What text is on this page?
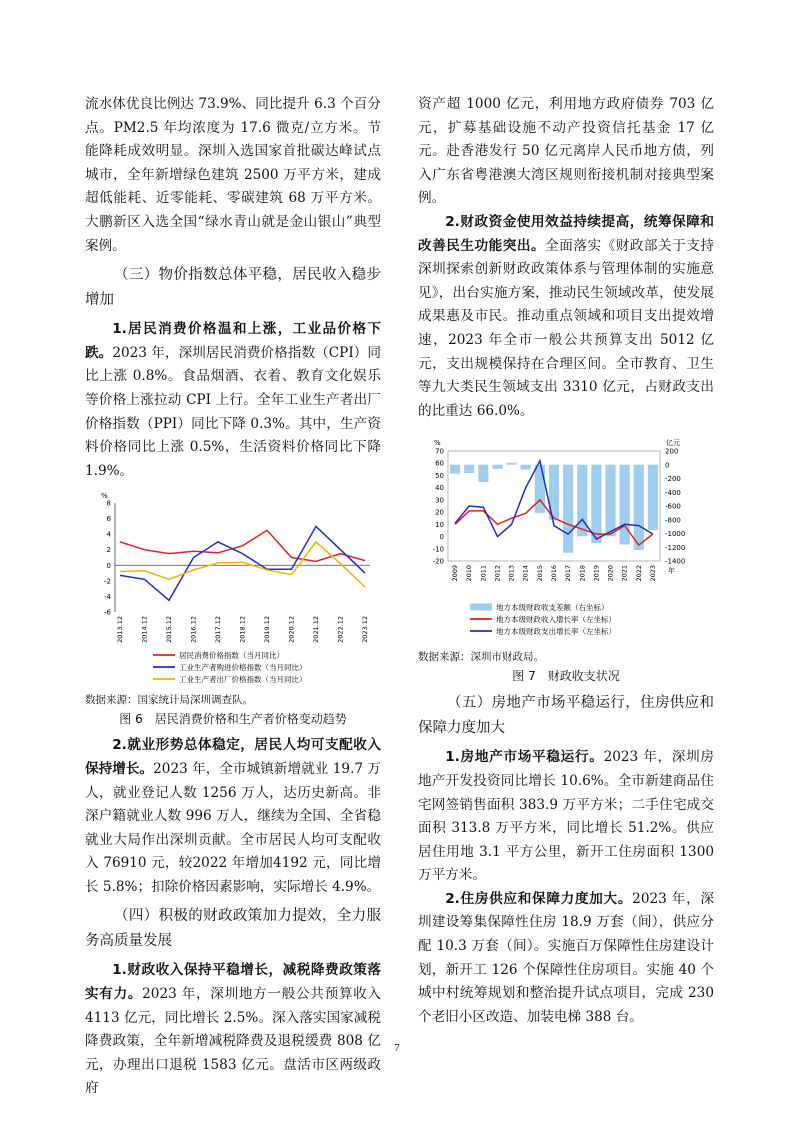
流水体优良比例达 73.9%、同比提升 6.3 个百分点。PM2.5 年均浓度为 17.6 微克/立方米。节能降耗成效明显。深圳入选国家首批碳达峰试点城市，全年新增绿色建筑 2500 万平方米，建成超低能耗、近零能耗、零碳建筑 68 万平方米。大鹏新区入选全国“绿水青山就是金山银山”典型案例。

（三）物价指数总体平稳，居民收入稳步增加

1.居民消费价格温和上涨，工业品价格下跌。2023 年，深圳居民消费价格指数（CPI）同比上涨 0.8%。食品烟酒、衣着、教育文化娱乐等价格上涨拉动 CPI 上行。全年工业生产者出厂价格指数（PPI）同比下降 0.3%。其中，生产资料价格同比上涨 0.5%，生活资料价格同比下降 1.9%。

%
8
6
4
2
0
-2
-4
-6
2013.12	2014.12	2015.12	2016.12	2017.12	2018.12	2019.12	2020.12	2021.12	2022.12	2023.12
居民消费价格指数（当月同比）
工业生产者购进价格指数（当月同比）
工业生产者出厂价格指数（当月同比）
数据来源：国家统计局深圳调查队。
图 6　居民消费价格和生产者价格变动趋势

2.就业形势总体稳定，居民人均可支配收入保持增长。2023 年，全市城镇新增就业 19.7 万人，就业登记人数 1256 万人，达历史新高。非深户籍就业人数 996 万人，继续为全国、全省稳就业大局作出深圳贡献。全市居民人均可支配收入 76910 元，较2022 年增加4192 元，同比增长 5.8%；扣除价格因素影响，实际增长 4.9%。

（四）积极的财政政策加力提效，全力服务高质量发展

1.财政收入保持平稳增长，减税降费政策落实有力。2023 年，深圳地方一般公共预算收入 4113 亿元，同比增长 2.5%。深入落实国家减税降费政策，全年新增减税降费及退税缓费 808 亿元，办理出口退税 1583 亿元。盘活市区两级政府

资产超 1000 亿元，利用地方政府债券 703 亿元，扩募基础设施不动产投资信托基金 17 亿元。赴香港发行 50 亿元离岸人民币地方债，列入广东省粤港澳大湾区规则衔接机制对接典型案例。

2.财政资金使用效益持续提高，统筹保障和改善民生功能突出。全面落实《财政部关于支持深圳探索创新财政政策体系与管理体制的实施意见》，出台实施方案，推动民生领域改革，使发展成果惠及市民。推动重点领域和项目支出提效增速，2023 年全市一般公共预算支出 5012 亿元，支出规模保持在合理区间。全市教育、卫生等九大类民生领域支出 3310 亿元，占财政支出的比重达 66.0%。

%	亿元
70
60
50
40
30
20
10
0
-10
-20
200
0
-200
-400
-600
-800
-1000
-1200
-1400
2009 2010 2011 2012 2013 2014 2015 2016 2017 2018 2019 2020 2021 2022 2023 年
地方本级财政收支差额（右坐标）
地方本级财政收入增长率（左坐标）
地方本级财政支出增长率（左坐标）
数据来源：深圳市财政局。
图 7　财政收支状况
（五）房地产市场平稳运行，住房供应和保障力度加大

1.房地产市场平稳运行。2023 年，深圳房地产开发投资同比增长 10.6%。全市新建商品住宅网签销售面积 383.9 万平方米；二手住宅成交面积 313.8 万平方米，同比增长 51.2%。供应居住用地 3.1 平方公里，新开工住房面积 1300 万平方米。

2.住房供应和保障力度加大。2023 年，深圳建设筹集保障性住房 18.9 万套（间），供应分配 10.3 万套（间）。实施百万保障性住房建设计划，新开工 126 个保障性住房项目。实施 40 个城中村统筹规划和整治提升试点项目，完成 230 个老旧小区改造、加装电梯 388 台。

7
